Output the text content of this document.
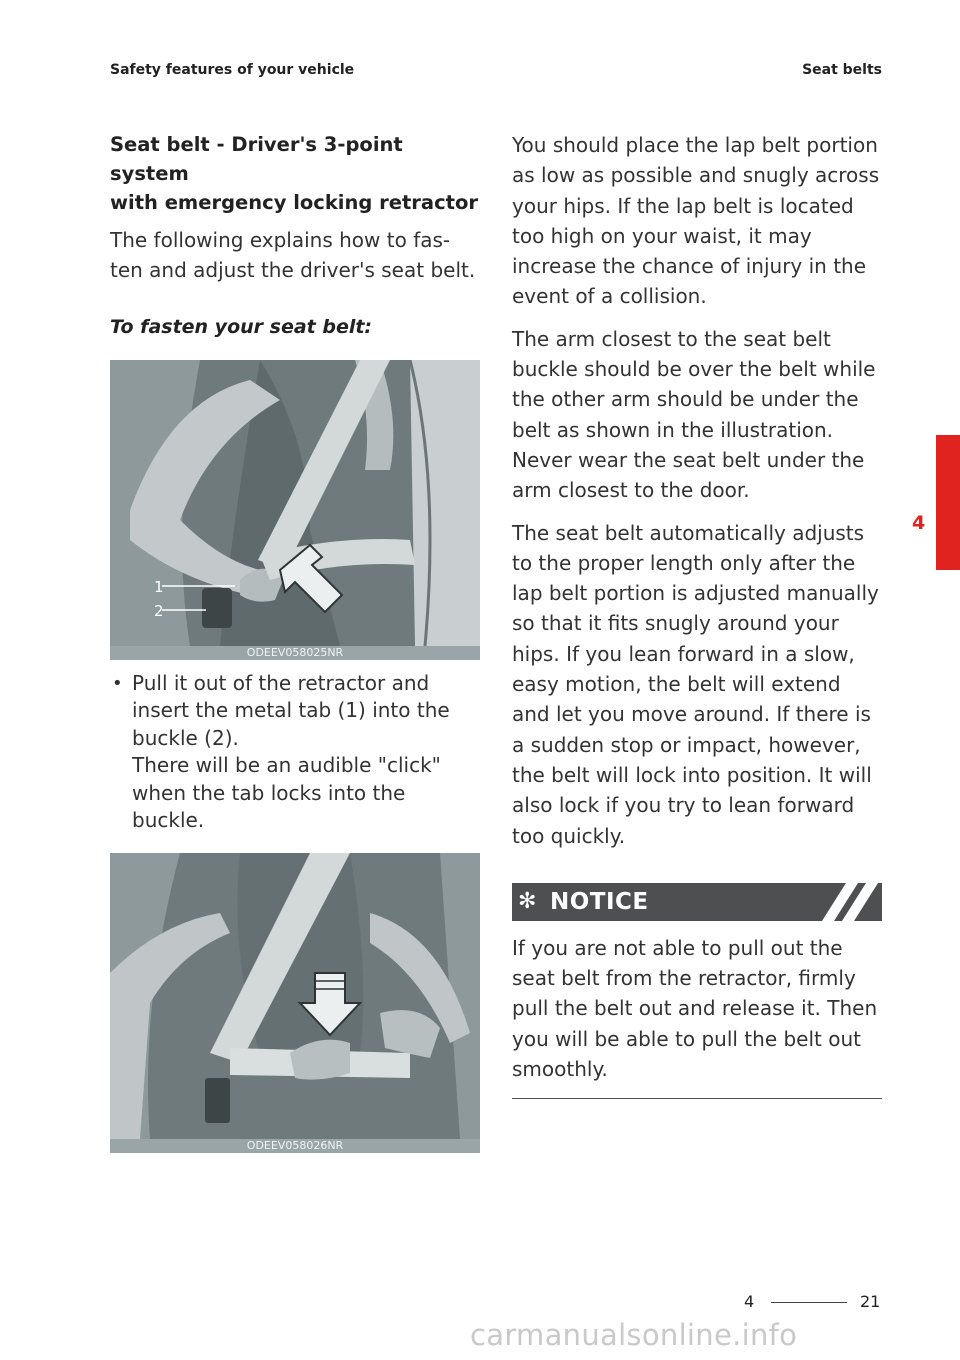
Safety features of your vehicle	Seat belts
Seat belt - Driver's 3-point system
with emergency locking retractor

The following explains how to fas-
ten and adjust the driver's seat belt.

To fasten your seat belt:
1
2
ODEEV058025NR
• Pull it out of the retractor and
insert the metal tab (1) into the
buckle (2).
There will be an audible "click"
when the tab locks into the
buckle.
ODEEV058026NR

You should place the lap belt portion
as low as possible and snugly across
your hips. If the lap belt is located
too high on your waist, it may
increase the chance of injury in the
event of a collision.

The arm closest to the seat belt
buckle should be over the belt while
the other arm should be under the
belt as shown in the illustration.
Never wear the seat belt under the
arm closest to the door.

The seat belt automatically adjusts
to the proper length only after the
lap belt portion is adjusted manually
so that it fits snugly around your
hips. If you lean forward in a slow,
easy motion, the belt will extend
and let you move around. If there is
a sudden stop or impact, however,
the belt will lock into position. It will
also lock if you try to lean forward
too quickly.

✻ NOTICE

If you are not able to pull out the
seat belt from the retractor, firmly
pull the belt out and release it. Then
you will be able to pull the belt out
smoothly.

4
4	21
carmanualsonline.info
